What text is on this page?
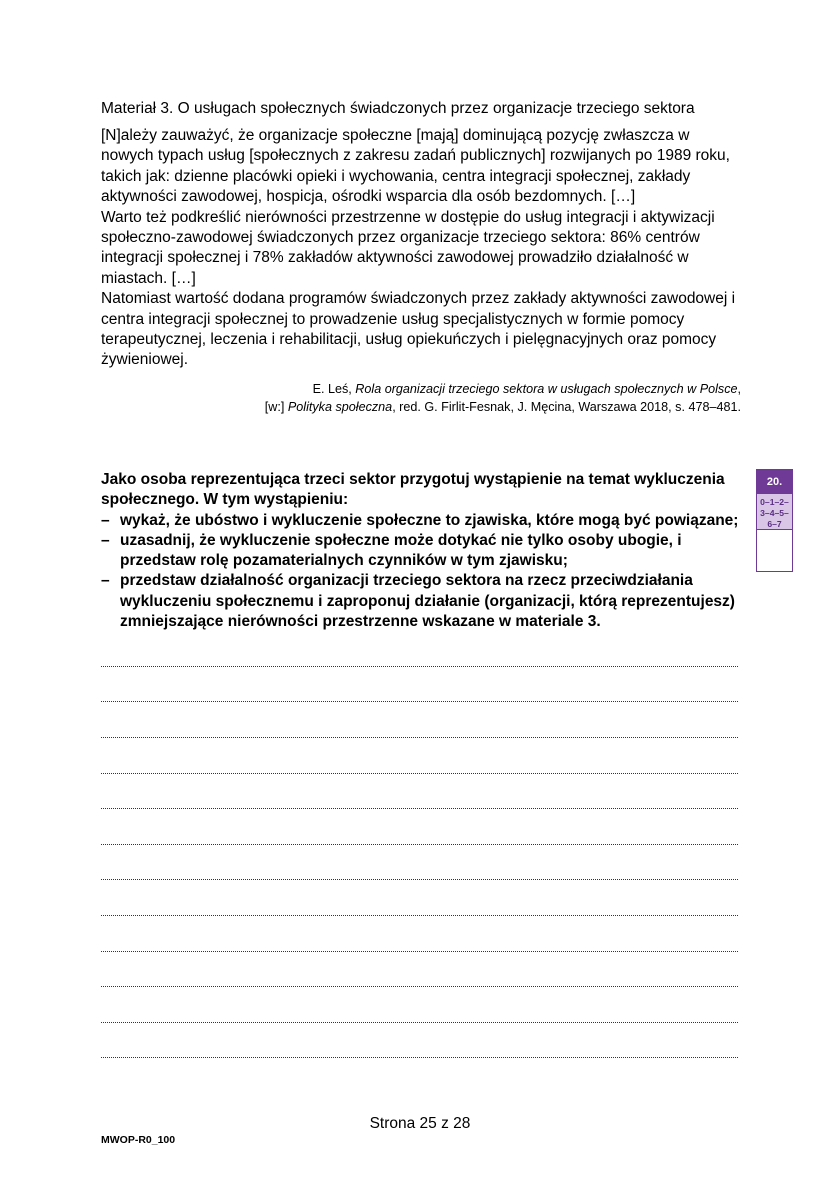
Materiał 3. O usługach społecznych świadczonych przez organizacje trzeciego sektora

[N]ależy zauważyć, że organizacje społeczne [mają] dominującą pozycję zwłaszcza w nowych typach usług [społecznych z zakresu zadań publicznych] rozwijanych po 1989 roku, takich jak: dzienne placówki opieki i wychowania, centra integracji społecznej, zakłady aktywności zawodowej, hospicja, ośrodki wsparcia dla osób bezdomnych. […]

Warto też podkreślić nierówności przestrzenne w dostępie do usług integracji i aktywizacji społeczno-zawodowej świadczonych przez organizacje trzeciego sektora: 86% centrów integracji społecznej i 78% zakładów aktywności zawodowej prowadziło działalność w miastach. […]

Natomiast wartość dodana programów świadczonych przez zakłady aktywności zawodowej i centra integracji społecznej to prowadzenie usług specjalistycznych w formie pomocy terapeutycznej, leczenia i rehabilitacji, usług opiekuńczych i pielęgnacyjnych oraz pomocy żywieniowej.

E. Leś, Rola organizacji trzeciego sektora w usługach społecznych w Polsce,

[w:] Polityka społeczna, red. G. Firlit-Fesnak, J. Męcina, Warszawa 2018, s. 478–481.

Jako osoba reprezentująca trzeci sektor przygotuj wystąpienie na temat wykluczenia społecznego. W tym wystąpieniu:

– wykaż, że ubóstwo i wykluczenie społeczne to zjawiska, które mogą być powiązane;
– uzasadnij, że wykluczenie społeczne może dotykać nie tylko osoby ubogie, i przedstaw rolę pozamaterialnych czynników w tym zjawisku;
– przedstaw działalność organizacji trzeciego sektora na rzecz przeciwdziałania wykluczeniu społecznemu i zaproponuj działanie (organizacji, którą reprezentujesz) zmniejszające nierówności przestrzenne wskazane w materiale 3.
20.
0–1–2–
3–4–5–
6–7
Strona 25 z 28
MWOP-R0_100
